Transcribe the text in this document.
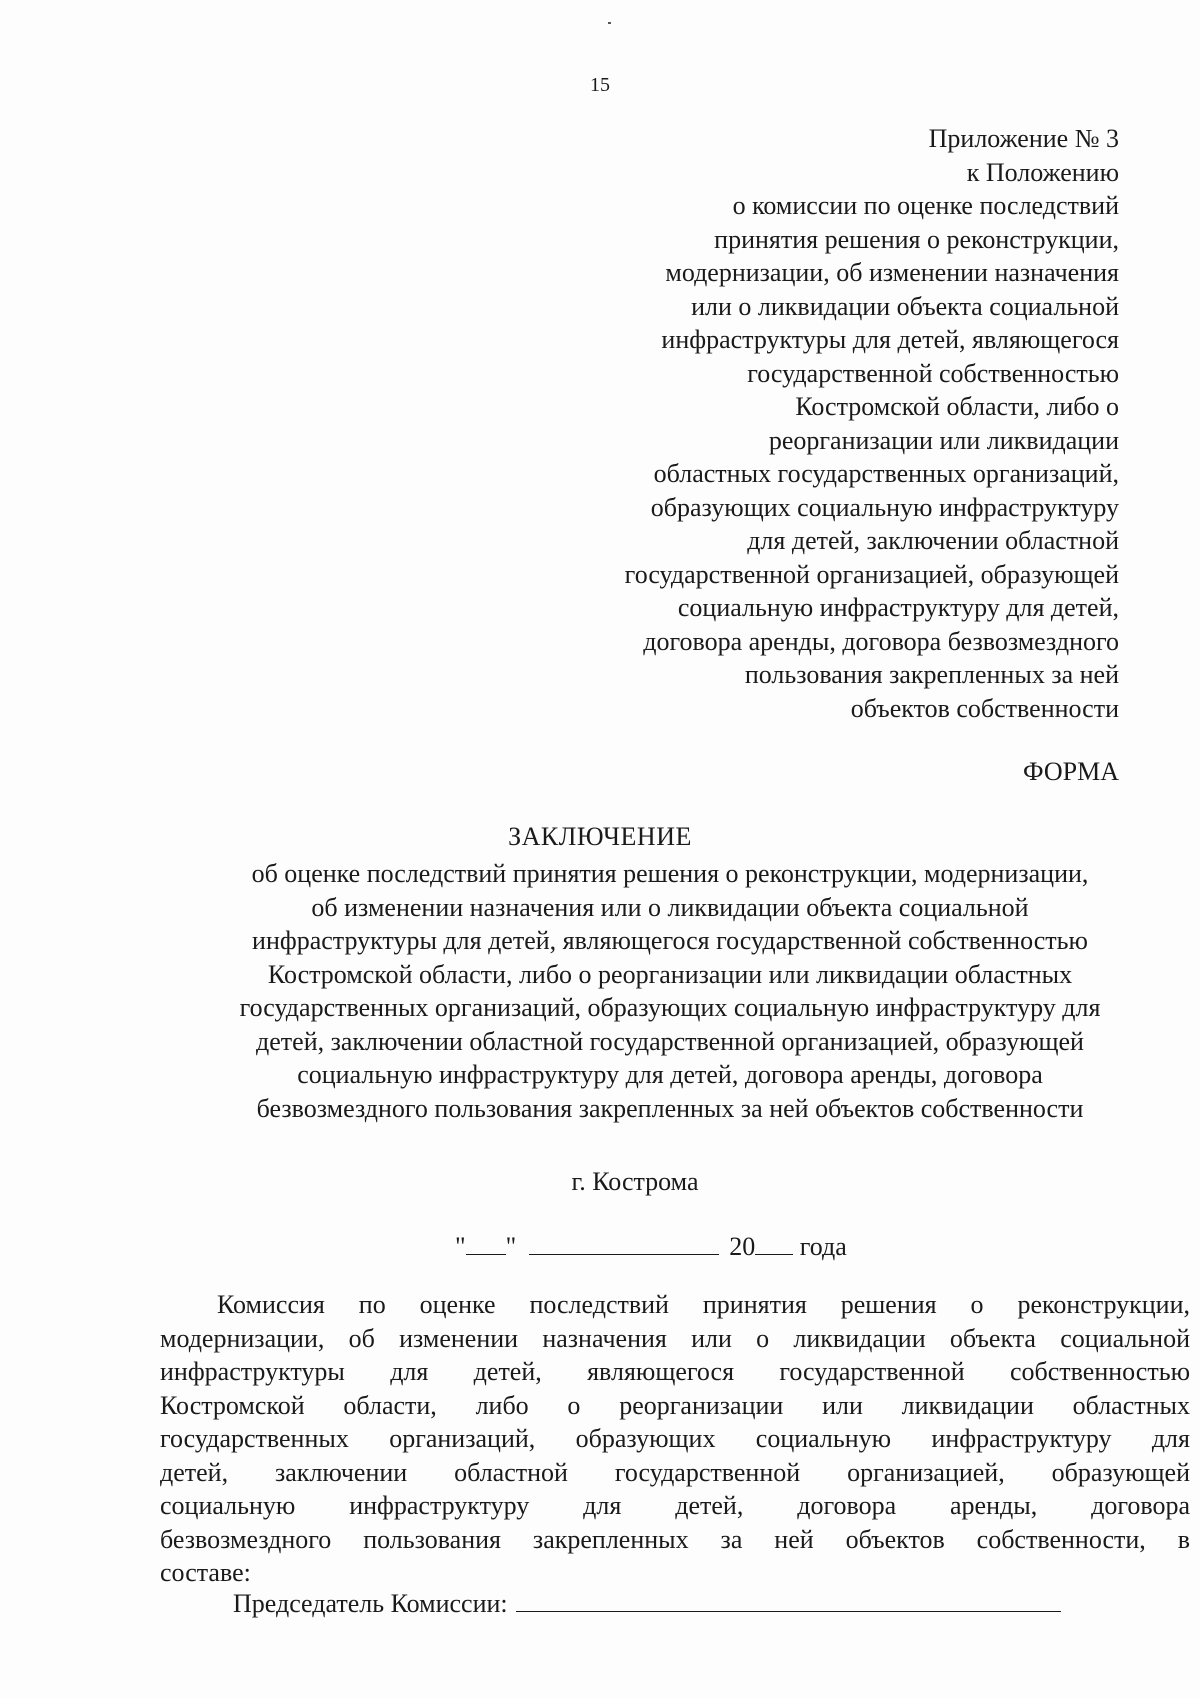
15
Приложение № 3
к Положению
о комиссии по оценке последствий
принятия решения о реконструкции,
модернизации, об изменении назначения
или о ликвидации объекта социальной
инфраструктуры для детей, являющегося
государственной собственностью
Костромской области, либо о
реорганизации или ликвидации
областных государственных организаций,
образующих социальную инфраструктуру
для детей, заключении областной
государственной организацией, образующей
социальную инфраструктуру для детей,
договора аренды, договора безвозмездного
пользования закрепленных за ней
объектов собственности
ФОРМА
ЗАКЛЮЧЕНИЕ
об оценке последствий принятия решения о реконструкции, модернизации,
об изменении назначения или о ликвидации объекта социальной
инфраструктуры для детей, являющегося государственной собственностью
Костромской области, либо о реорганизации или ликвидации областных
государственных организаций, образующих социальную инфраструктуру для
детей, заключении областной государственной организацией, образующей
социальную инфраструктуру для детей, договора аренды, договора
безвозмездного пользования закрепленных за ней объектов собственности
г. Кострома
" "	20 года
Комиссия по оценке последствий принятия решения о реконструкции,
модернизации, об изменении назначения или о ликвидации объекта социальной
инфраструктуры для детей, являющегося государственной собственностью
Костромской области, либо о реорганизации или ликвидации областных
государственных организаций, образующих социальную инфраструктуру для
детей, заключении областной государственной организацией, образующей
социальную инфраструктуру для детей, договора аренды, договора
безвозмездного пользования закрепленных за ней объектов собственности, в
составе:
Председатель Комиссии:
